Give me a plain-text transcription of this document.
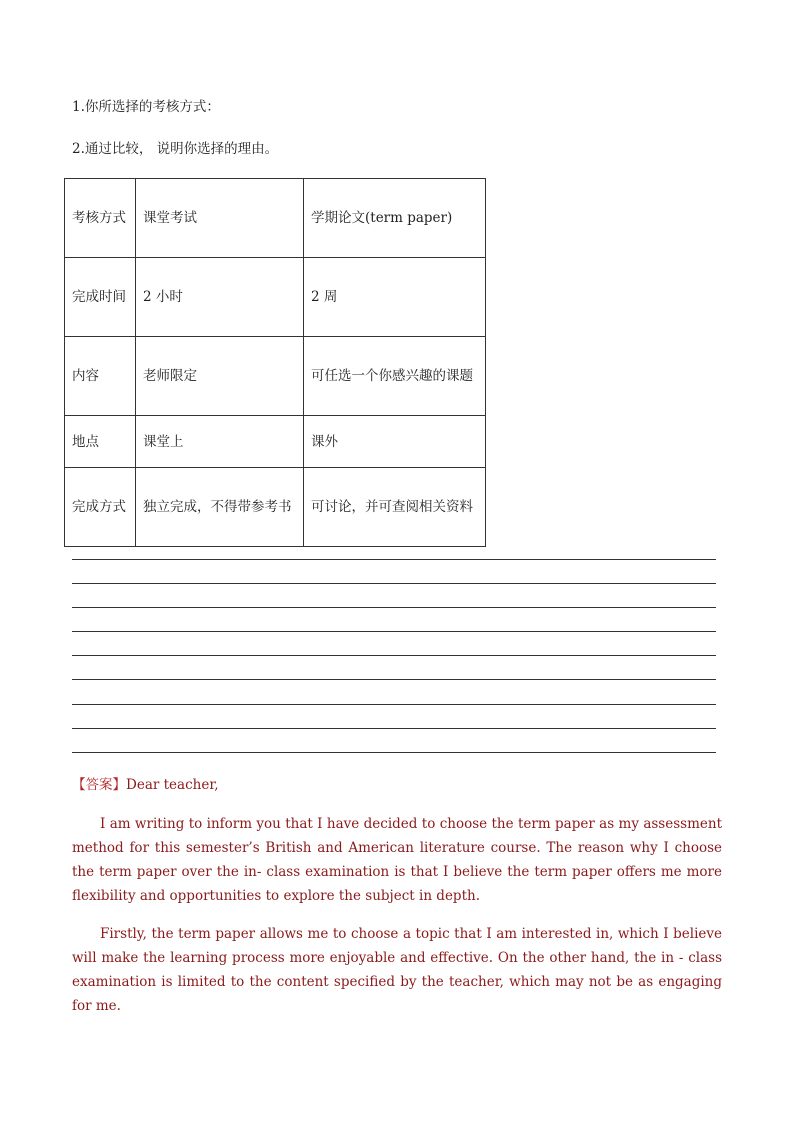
1.你所选择的考核方式：
2.通过比较， 说明你选择的理由。
考核方式	课堂考试	学期论文(term paper)
完成时间	2 小时	2 周
内容	老师限定	可任选一个你感兴趣的课题
地点	课堂上	课外
完成方式	独立完成，不得带参考书	可讨论，并可查阅相关资料
【答案】Dear teacher,
I am writing to inform you that I have decided to choose the term paper as my assessment method for this semester’s British and American literature course. The reason why I choose the term paper over the in- class examination is that I believe the term paper offers me more flexibility and opportunities to explore the subject in depth.
Firstly, the term paper allows me to choose a topic that I am interested in, which I believe will make the learning process more enjoyable and effective. On the other hand, the in - class examination is limited to the content specified by the teacher, which may not be as engaging for me.
